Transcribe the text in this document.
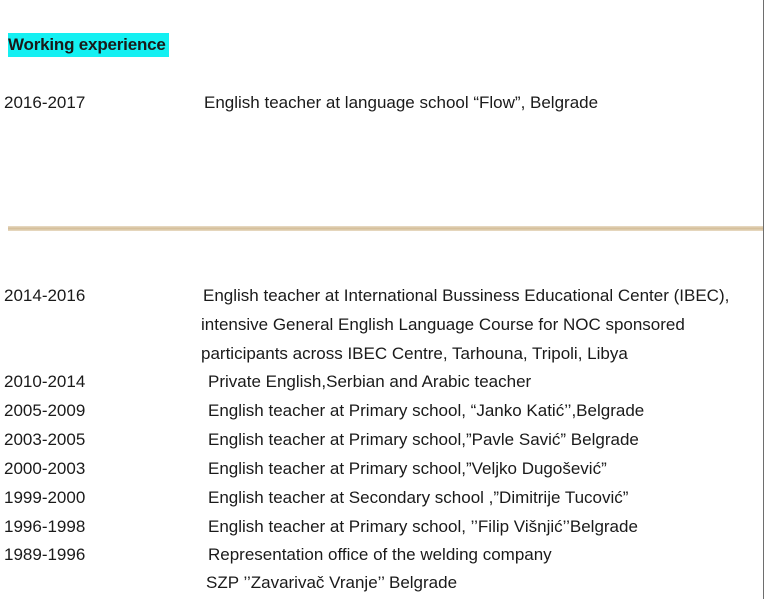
Working experience
2016-2017	English teacher at language school “Flow”, Belgrade
2014-2016	English teacher at International Bussiness Educational Center (IBEC),
intensive General English Language Course for NOC sponsored
participants across IBEC Centre, Tarhouna, Tripoli, Libya
2010-2014	Private English,Serbian and Arabic teacher
2005-2009	English teacher at Primary school, “Janko Katić’’,Belgrade
2003-2005	English teacher at Primary school,”Pavle Savić” Belgrade
2000-2003	English teacher at Primary school,”Veljko Dugošević”
1999-2000	English teacher at Secondary school ,”Dimitrije Tucović”
1996-1998	English teacher at Primary school, ’’Filip Višnjić’’Belgrade
1989-1996	Representation office of the welding company
SZP ’’Zavarivač Vranje’’ Belgrade
